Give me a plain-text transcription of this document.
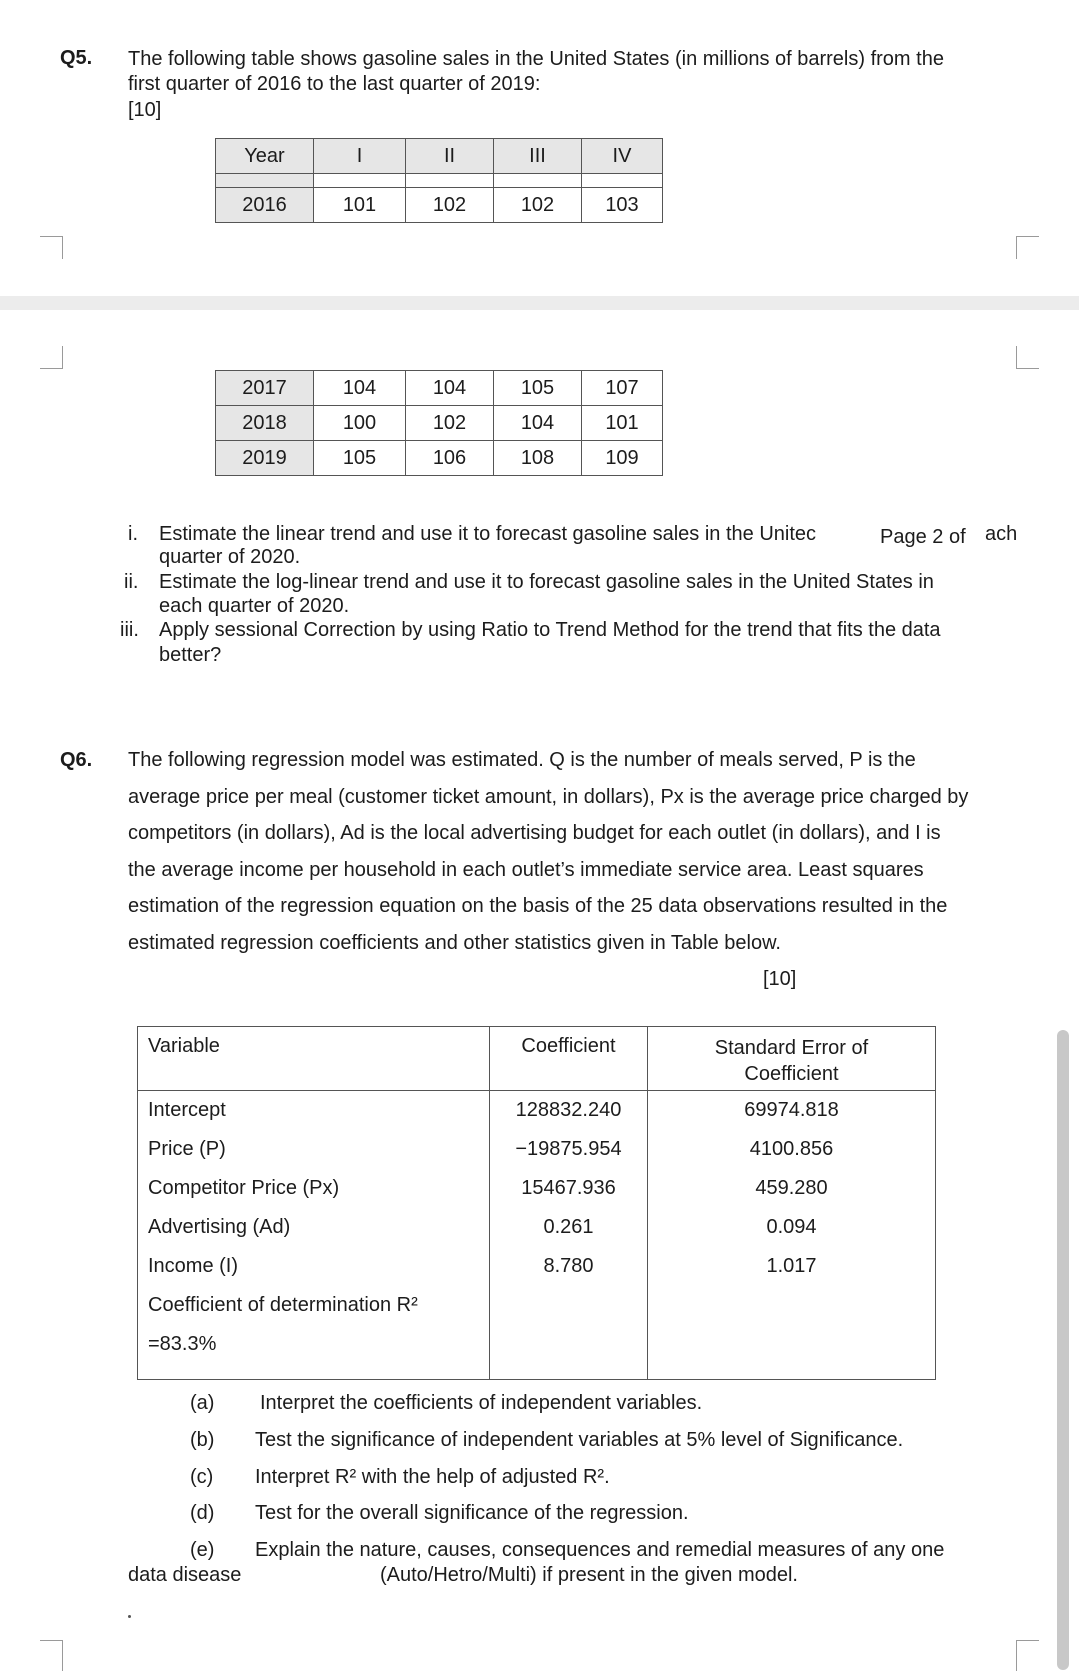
Q5. The following table shows gasoline sales in the United States (in millions of barrels) from the
first quarter of 2016 to the last quarter of 2019:
[10]
Year	I	II	III	IV

2016	101	102	102	103
2017	104	104	105	107
2018	100	102	104	101
2019	105	106	108	109
i. Estimate the linear trend and use it to forecast gasoline sales in the Unitec	Page 2 of ach
quarter of 2020.
ii. Estimate the log-linear trend and use it to forecast gasoline sales in the United States in
each quarter of 2020.
iii. Apply sessional Correction by using Ratio to Trend Method for the trend that fits the data
better?
Q6. The following regression model was estimated. Q is the number of meals served, P is the
average price per meal (customer ticket amount, in dollars), Px is the average price charged by
competitors (in dollars), Ad is the local advertising budget for each outlet (in dollars), and I is
the average income per household in each outlet’s immediate service area. Least squares
estimation of the regression equation on the basis of the 25 data observations resulted in the
estimated regression coefficients and other statistics given in Table below.
[10]
Variable	Coefficient	Standard Error of
Coefficient

Intercept	128832.240	69974.818
Price (P)	−19875.954	4100.856
Competitor Price (Px)	15467.936	459.280
Advertising (Ad)	0.261	0.094
Income (I)	8.780	1.017
Coefficient of determination R²		
=83.3%		
(a) Interpret the coefficients of independent variables.
(b) Test the significance of independent variables at 5% level of Significance.
(c) Interpret R² with the help of adjusted R².
(d) Test for the overall significance of the regression.
(e) Explain the nature, causes, consequences and remedial measures of any one
data disease	(Auto/Hetro/Multi) if present in the given model.
